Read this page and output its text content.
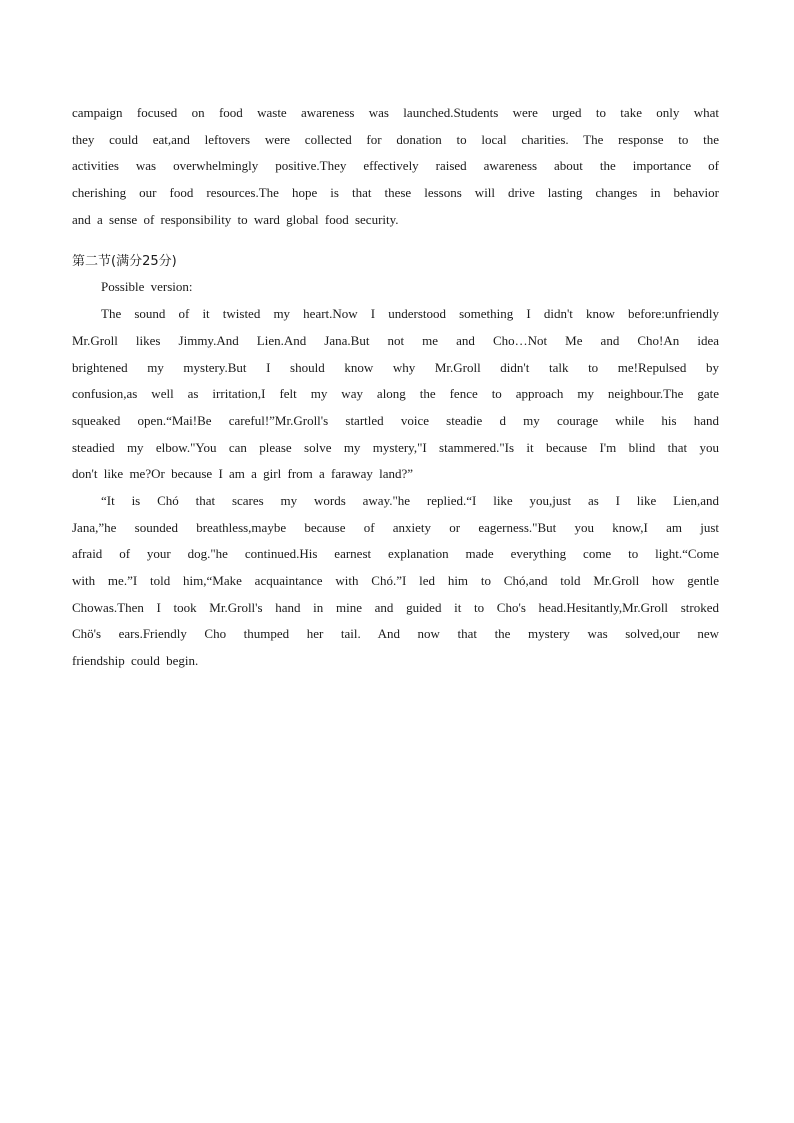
campaign focused on food waste awareness was launched.Students were urged to take only what
they could eat,and leftovers were collected for donation to local charities. The response to the
activities was overwhelmingly positive.They effectively raised awareness about the importance of
cherishing our food resources.The hope is that these lessons will drive lasting changes in behavior
and a sense of responsibility to ward global food security.
第二节(满分25分)
Possible version:
The sound of it twisted my heart.Now I understood something I didn't know before:unfriendly
Mr.Groll likes Jimmy.And Lien.And Jana.But not me and Cho…Not Me and Cho!An idea
brightened my mystery.But I should know why Mr.Groll didn't talk to me!Repulsed by
confusion,as well as irritation,I felt my way along the fence to approach my neighbour.The gate
squeaked open.“Mai!Be careful!”Mr.Groll's startled voice steadie d my courage while his hand
steadied my elbow."You can please solve my mystery,"I stammered."Is it because I'm blind that you
don't like me?Or because I am a girl from a faraway land?”
“It is Chó that scares my words away."he replied.“I like you,just as I like Lien,and
Jana,”he sounded breathless,maybe because of anxiety or eagerness."But you know,I am just
afraid of your dog."he continued.His earnest explanation made everything come to light.“Come
with me.”I told him,“Make acquaintance with Chó.”I led him to Chó,and told Mr.Groll how gentle
Chowas.Then I took Mr.Groll's hand in mine and guided it to Cho's head.Hesitantly,Mr.Groll stroked
Chö's ears.Friendly Cho thumped her tail. And now that the mystery was solved,our new
friendship could begin.
